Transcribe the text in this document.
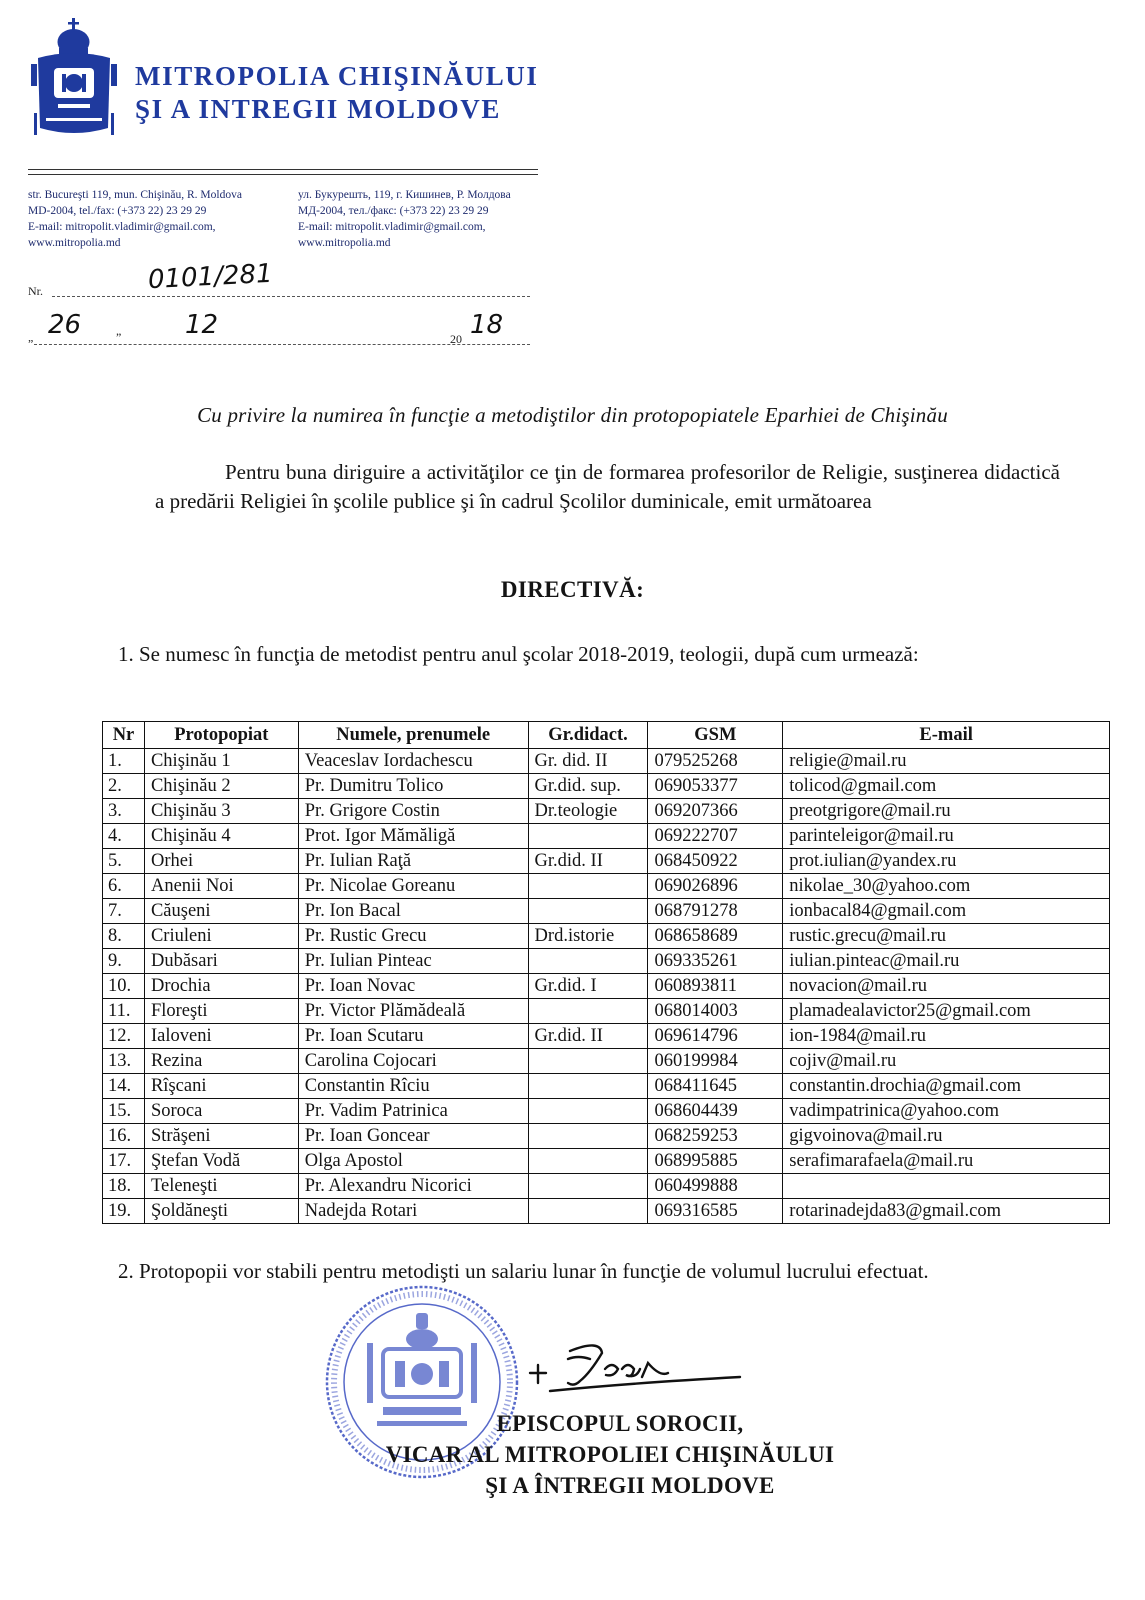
MITROPOLIA CHIŞINĂULUI
ŞI A INTREGII MOLDOVE
str. Bucureşti 119, mun. Chişinău, R. Moldova
MD-2004, tel./fax: (+373 22) 23 29 29
E-mail: mitropolit.vladimir@gmail.com,
www.mitropolia.md
ул. Букурешть, 119, г. Кишинев, Р. Молдова
MД-2004, тел./факс: (+373 22) 23 29 29
E-mail: mitropolit.vladimir@gmail.com,
www.mitropolia.md
Nr.	0101/281
„ 26	” 12	20 18
Cu privire la numirea în funcţie a metodiştilor din protopopiatele Eparhiei de Chişinău
Pentru buna diriguire a activităţilor ce ţin de formarea profesorilor de Religie, susţinerea didactică a predării Religiei în şcolile publice şi în cadrul Şcolilor duminicale, emit următoarea
DIRECTIVĂ:
1. Se numesc în funcţia de metodist pentru anul şcolar 2018-2019, teologii, după cum urmează:
Nr	Protopopiat	Numele, prenumele	Gr.didact.	GSM	E-mail
1.	Chişinău 1	Veaceslav Iordachescu	Gr. did. II	079525268	religie@mail.ru
2.	Chişinău 2	Pr. Dumitru Tolico	Gr.did. sup.	069053377	tolicod@gmail.com
3.	Chişinău 3	Pr. Grigore Costin	Dr.teologie	069207366	preotgrigore@mail.ru
4.	Chişinău 4	Prot. Igor Mămăligă		069222707	parinteleigor@mail.ru
5.	Orhei	Pr. Iulian Raţă	Gr.did. II	068450922	prot.iulian@yandex.ru
6.	Anenii Noi	Pr. Nicolae Goreanu		069026896	nikolae_30@yahoo.com
7.	Căuşeni	Pr. Ion Bacal		068791278	ionbacal84@gmail.com
8.	Criuleni	Pr. Rustic Grecu	Drd.istorie	068658689	rustic.grecu@mail.ru
9.	Dubăsari	Pr. Iulian Pinteac		069335261	iulian.pinteac@mail.ru
10.	Drochia	Pr. Ioan Novac	Gr.did. I	060893811	novacion@mail.ru
11.	Floreşti	Pr. Victor Plămădeală		068014003	plamadealavictor25@gmail.com
12.	Ialoveni	Pr. Ioan Scutaru	Gr.did. II	069614796	ion-1984@mail.ru
13.	Rezina	Carolina Cojocari		060199984	cojiv@mail.ru
14.	Rîşcani	Constantin Rîciu		068411645	constantin.drochia@gmail.com
15.	Soroca	Pr. Vadim Patrinica		068604439	vadimpatrinica@yahoo.com
16.	Străşeni	Pr. Ioan Goncear		068259253	gigvoinova@mail.ru
17.	Ştefan Vodă	Olga Apostol		068995885	serafimarafaela@mail.ru
18.	Teleneşti	Pr. Alexandru Nicorici		060499888	
19.	Şoldăneşti	Nadejda Rotari		069316585	rotarinadejda83@gmail.com
2. Protopopii vor stabili pentru metodişti un salariu lunar în funcţie de volumul lucrului efectuat.
EPISCOPUL SOROCII,
VICAR AL MITROPOLIEI CHIŞINĂULUI
ŞI A ÎNTREGII MOLDOVE
